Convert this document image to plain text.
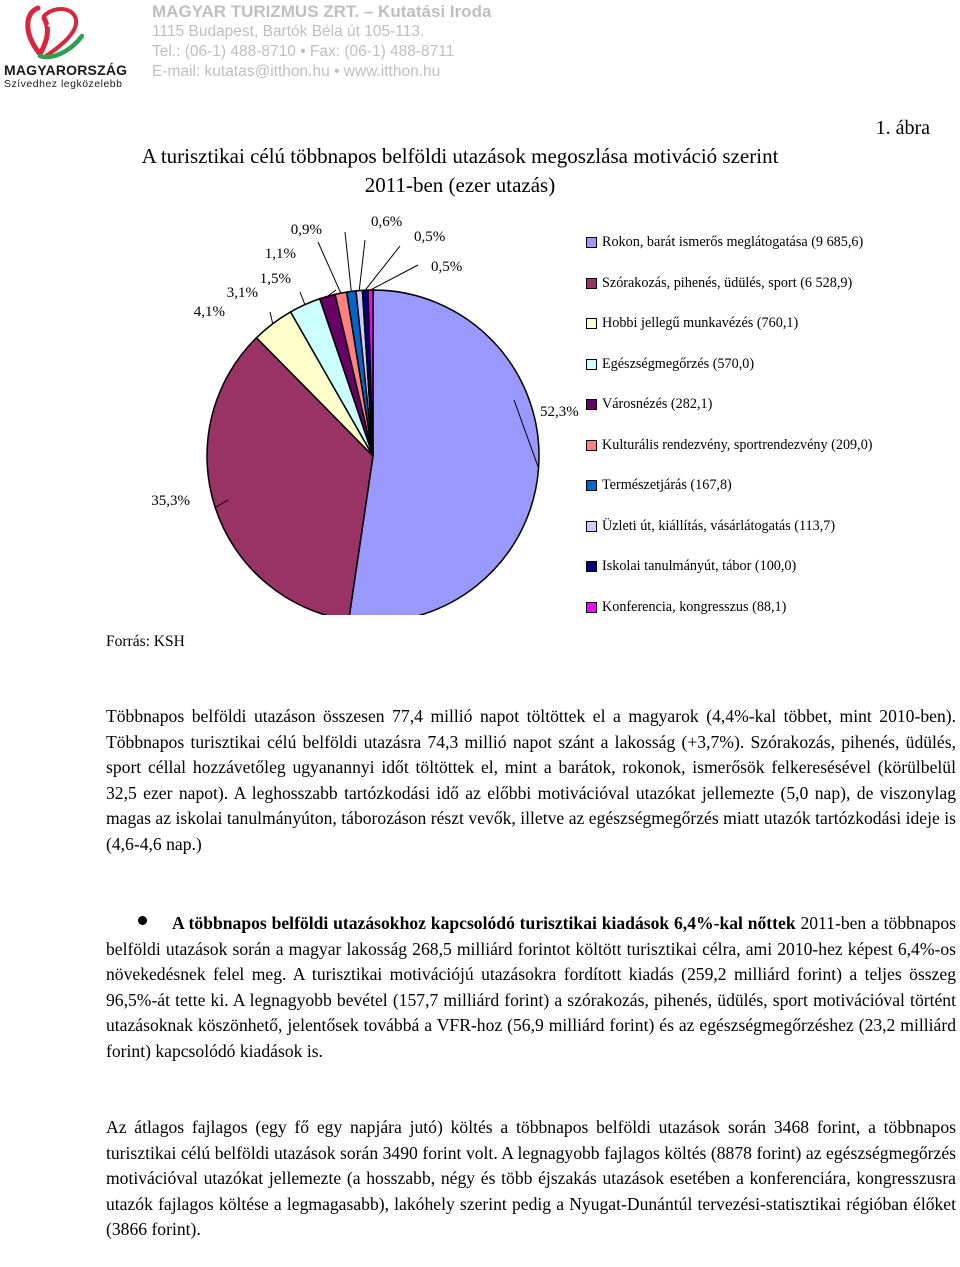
MAGYARORSZÁG
Szívedhez legközelebb
MAGYAR TURIZMUS ZRT. – Kutatási Iroda
1115 Budapest, Bartók Béla út 105-113.
Tel.: (06-1) 488-8710 • Fax: (06-1) 488-8711
E-mail: kutatas@itthon.hu • www.itthon.hu
1. ábra
A turisztikai célú többnapos belföldi utazások megoszlása motiváció szerint 2011-ben (ezer utazás)
52,3%
35,3%
4,1%
3,1%
1,5%
1,1%
0,9%	0,6%
0,5%
0,5%
Rokon, barát ismerős meglátogatása (9 685,6)
Szórakozás, pihenés, üdülés, sport (6 528,9)
Hobbi jellegű munkavézés (760,1)
Egészségmegőrzés (570,0)
Városnézés (282,1)
Kulturális rendezvény, sportrendezvény (209,0)
Természetjárás (167,8)
Üzleti út, kiállítás, vásárlátogatás (113,7)
Iskolai tanulmányút, tábor (100,0)
Konferencia, kongresszus (88,1)
Forrás: KSH
Többnapos belföldi utazáson összesen 77,4 millió napot töltöttek el a magyarok (4,4%-kal többet, mint 2010-ben). Többnapos turisztikai célú belföldi utazásra 74,3 millió napot szánt a lakosság (+3,7%). Szórakozás, pihenés, üdülés, sport céllal hozzávetőleg ugyanannyi időt töltöttek el, mint a barátok, rokonok, ismerősök felkeresésével (körülbelül 32,5 ezer napot). A leghosszabb tartózkodási idő az előbbi motivációval utazókat jellemezte (5,0 nap), de viszonylag magas az iskolai tanulmányúton, táborozáson részt vevők, illetve az egészségmegőrzés miatt utazók tartózkodási ideje is (4,6-4,6 nap.)
A többnapos belföldi utazásokhoz kapcsolódó turisztikai kiadások 6,4%-kal nőttek 2011-ben a többnapos belföldi utazások során a magyar lakosság 268,5 milliárd forintot költött turisztikai célra, ami 2010-hez képest 6,4%-os növekedésnek felel meg. A turisztikai motivációjú utazásokra fordított kiadás (259,2 milliárd forint) a teljes összeg 96,5%-át tette ki. A legnagyobb bevétel (157,7 milliárd forint) a szórakozás, pihenés, üdülés, sport motivációval történt utazásoknak köszönhető, jelentősek továbbá a VFR-hoz (56,9 milliárd forint) és az egészségmegőrzéshez (23,2 milliárd forint) kapcsolódó kiadások is.
Az átlagos fajlagos (egy fő egy napjára jutó) költés a többnapos belföldi utazások során 3468 forint, a többnapos turisztikai célú belföldi utazások során 3490 forint volt. A legnagyobb fajlagos költés (8878 forint) az egészségmegőrzés motivációval utazókat jellemezte (a hosszabb, négy és több éjszakás utazások esetében a konferenciára, kongresszusra utazók fajlagos költése a legmagasabb), lakóhely szerint pedig a Nyugat-Dunántúl tervezési-statisztikai régióban élőket (3866 forint).
